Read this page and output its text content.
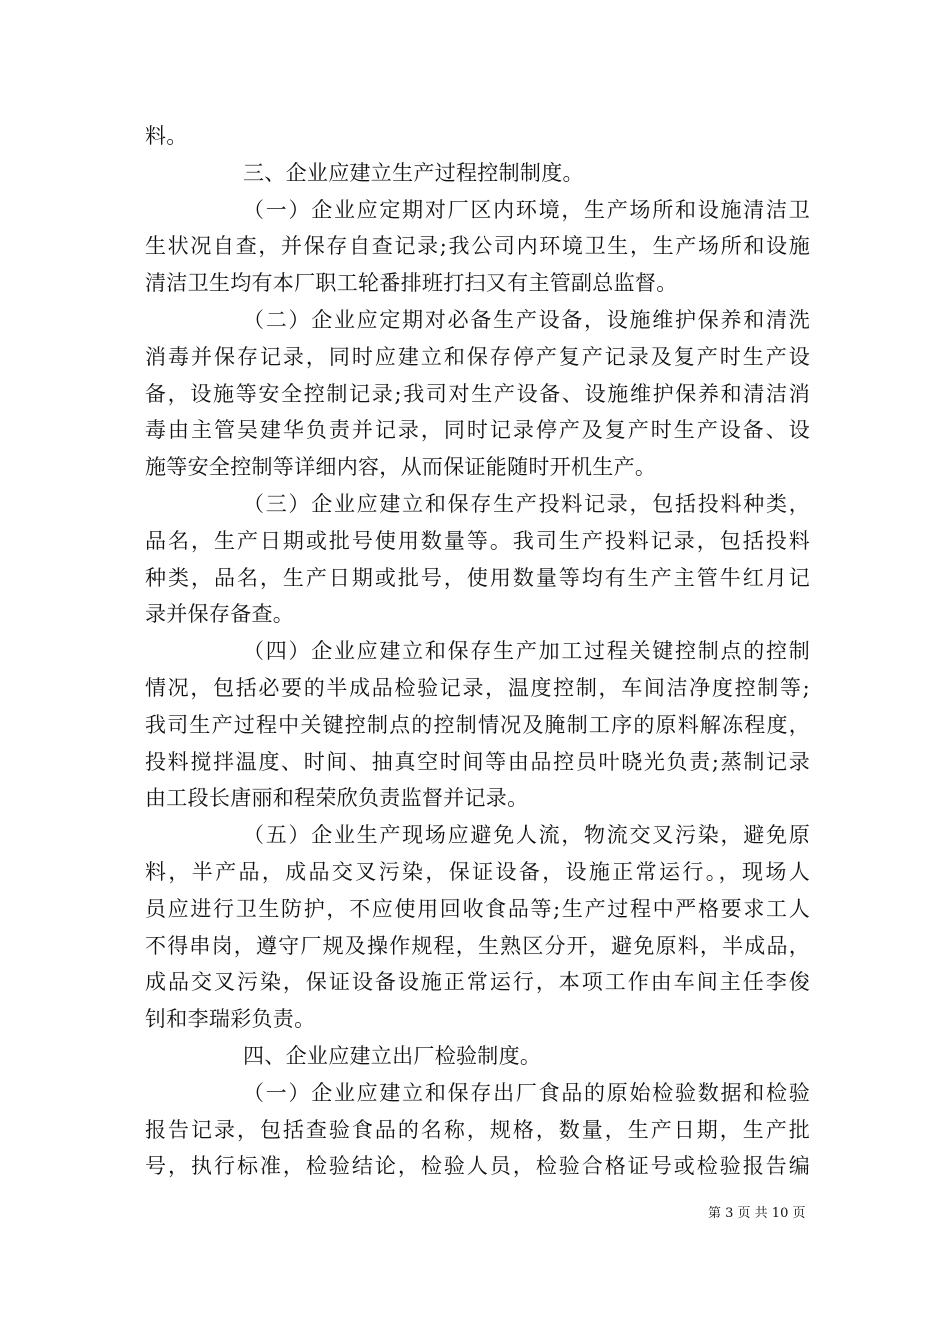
料。
三、企业应建立生产过程控制制度。
（一）企业应定期对厂区内环境，生产场所和设施清洁卫
生状况自查，并保存自查记录;我公司内环境卫生，生产场所和设施
清洁卫生均有本厂职工轮番排班打扫又有主管副总监督。
（二）企业应定期对必备生产设备，设施维护保养和清洗
消毒并保存记录，同时应建立和保存停产复产记录及复产时生产设
备，设施等安全控制记录;我司对生产设备、设施维护保养和清洁消
毒由主管吴建华负责并记录，同时记录停产及复产时生产设备、设
施等安全控制等详细内容，从而保证能随时开机生产。
（三）企业应建立和保存生产投料记录，包括投料种类，
品名，生产日期或批号使用数量等。我司生产投料记录，包括投料
种类，品名，生产日期或批号，使用数量等均有生产主管牛红月记
录并保存备查。
（四）企业应建立和保存生产加工过程关键控制点的控制
情况，包括必要的半成品检验记录，温度控制，车间洁净度控制等;
我司生产过程中关键控制点的控制情况及腌制工序的原料解冻程度，
投料搅拌温度、时间、抽真空时间等由品控员叶晓光负责;蒸制记录
由工段长唐丽和程荣欣负责监督并记录。
（五）企业生产现场应避免人流，物流交叉污染，避免原
料，半产品，成品交叉污染，保证设备，设施正常运行。，现场人
员应进行卫生防护，不应使用回收食品等;生产过程中严格要求工人
不得串岗，遵守厂规及操作规程，生熟区分开，避免原料，半成品，
成品交叉污染，保证设备设施正常运行，本项工作由车间主任李俊
钊和李瑞彩负责。
四、企业应建立出厂检验制度。
（一）企业应建立和保存出厂食品的原始检验数据和检验
报告记录，包括查验食品的名称，规格，数量，生产日期，生产批
号，执行标准，检验结论，检验人员，检验合格证号或检验报告编
第 3 页 共 10 页
